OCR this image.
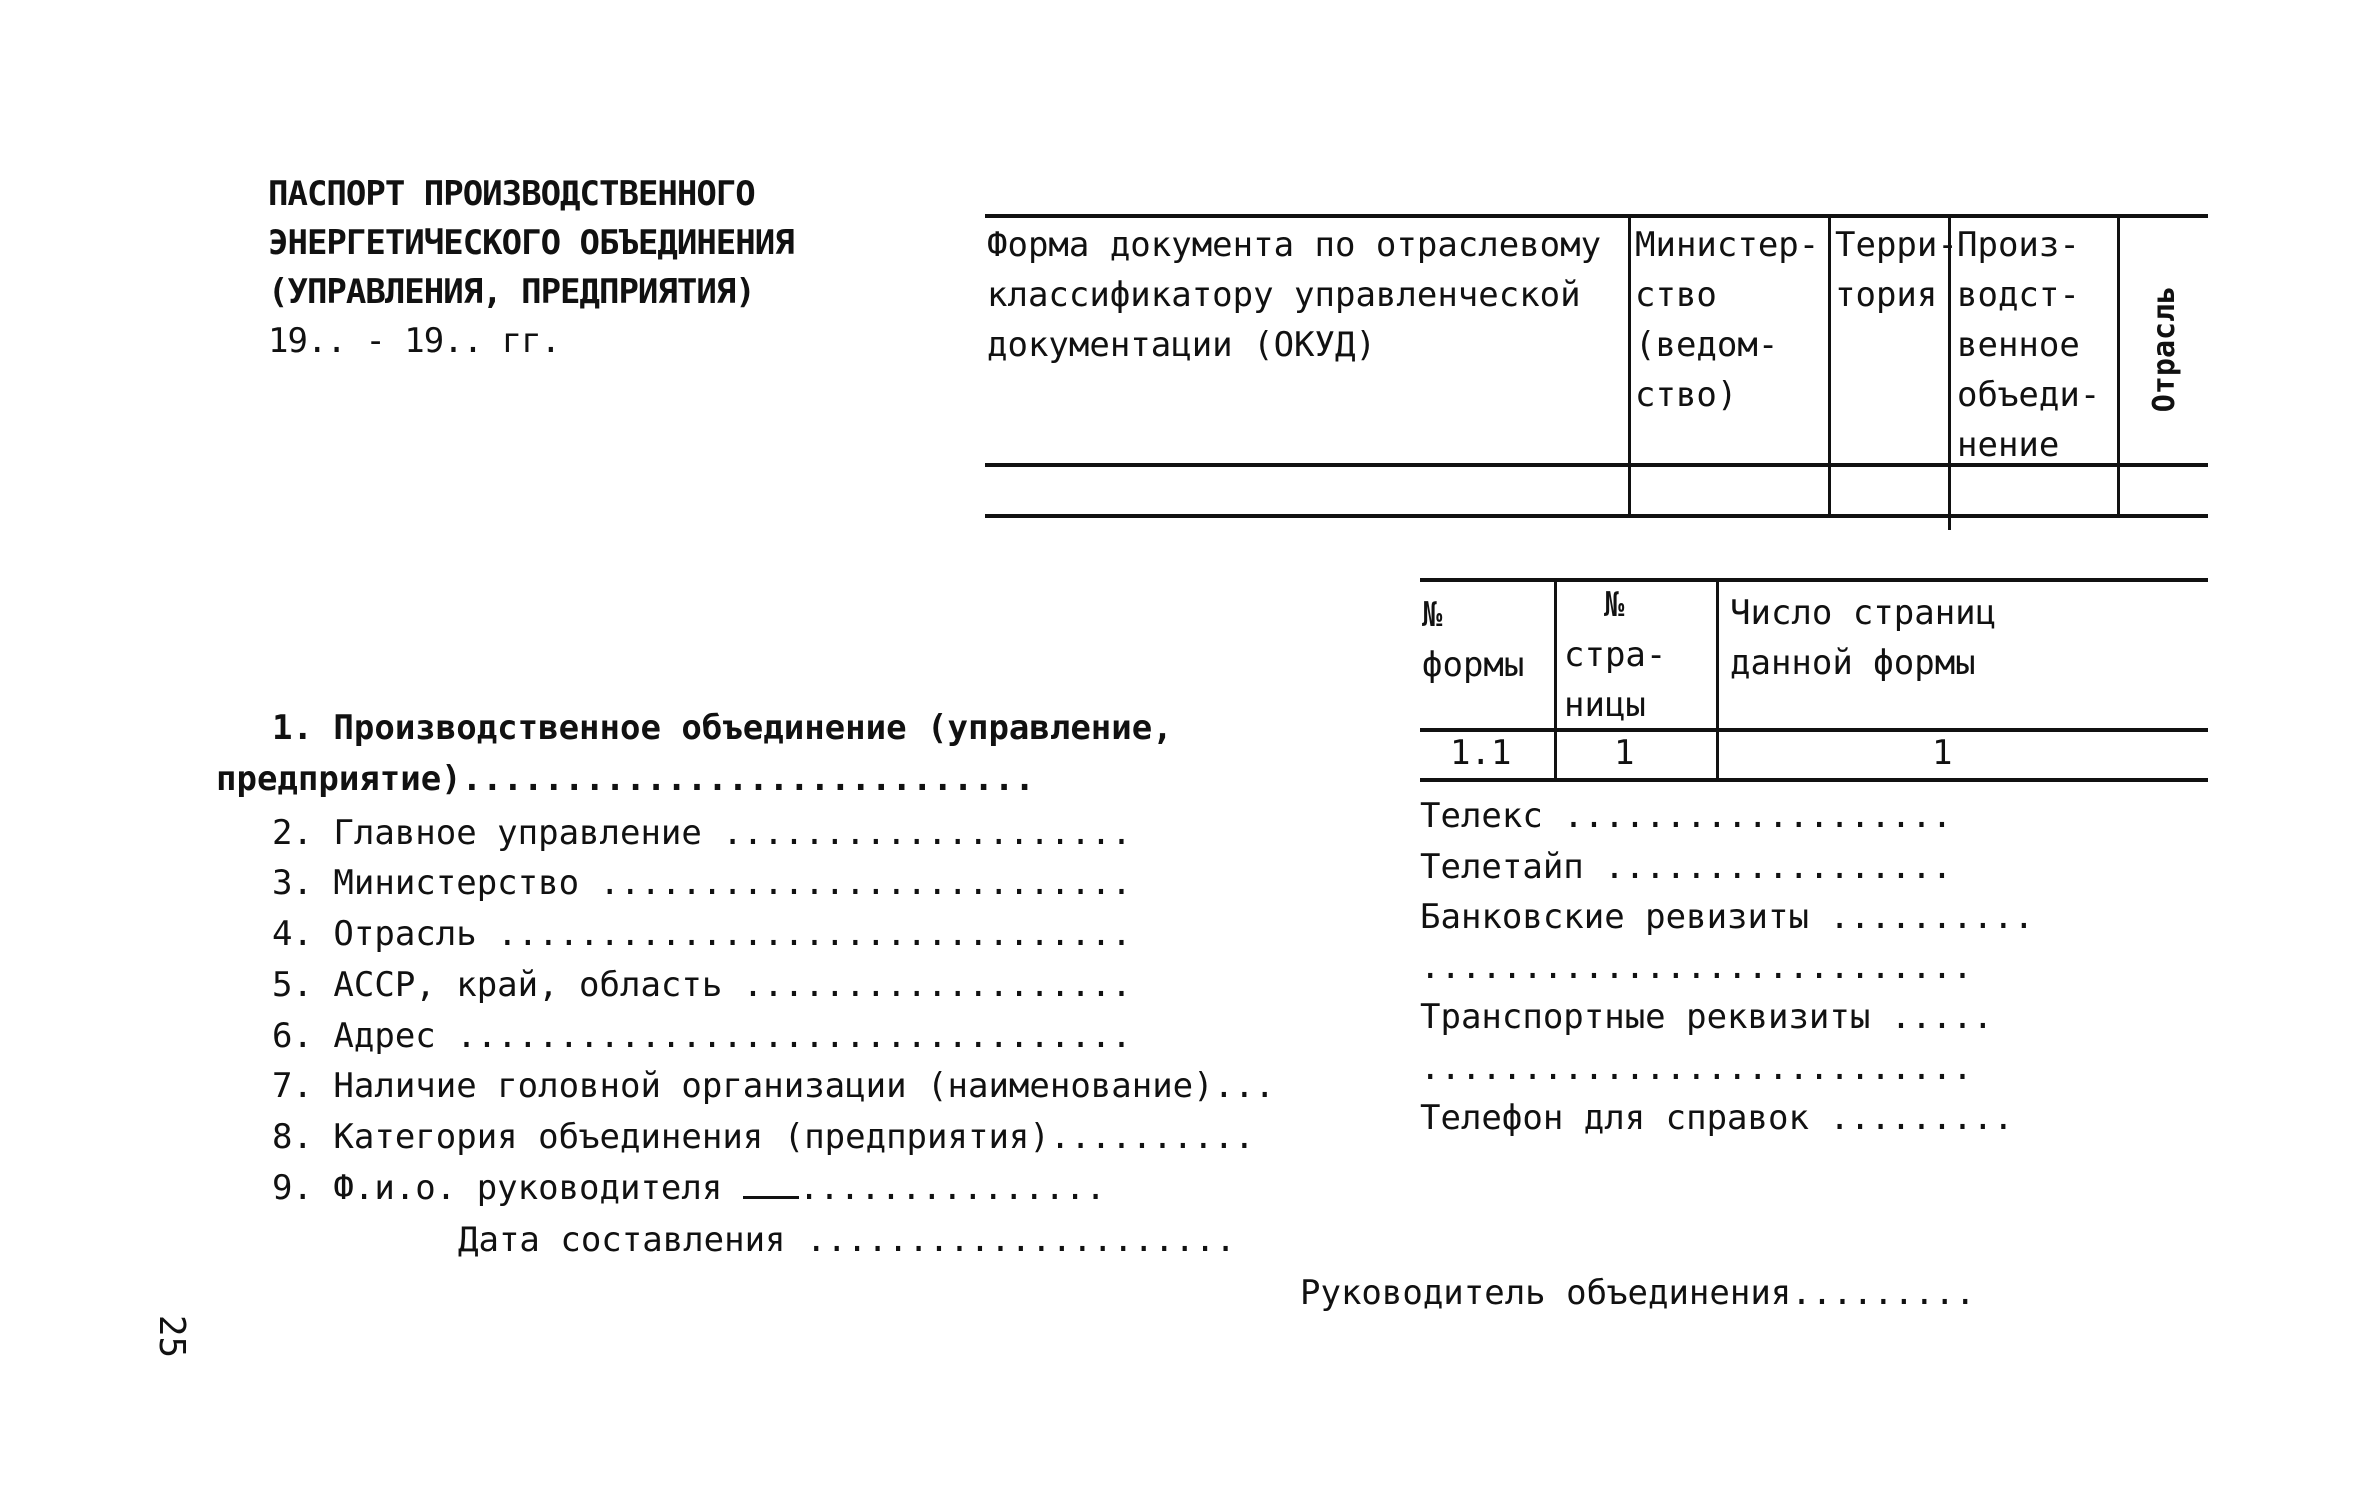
ПАСПОРТ ПРОИЗВОДСТВЕННОГО
ЭНЕРГЕТИЧЕСКОГО ОБЪЕДИНЕНИЯ
(УПРАВЛЕНИЯ, ПРЕДПРИЯТИЯ)
19.. - 19.. гг.
Форма документа по отраслевому
классификатору управленческой
документации (ОКУД)
Министер-
ство
(ведом-
ство)
Терри-
тория
Произ-
водст-
венное
объеди-
нение
Отрасль
№
формы
№
стра-
ницы
Число страниц
данной формы
1.1	1	1
1. Производственное объединение (управление,
предприятие)............................
2. Главное управление ....................
3. Министерство ..........................
4. Отрасль ...............................
5. АССР, край, область ...................
6. Адрес .................................
7. Наличие головной организации (наименование)...
8. Категория объединения (предприятия)..........
9. Ф.и.о. руководителя ...............
Дата составления .....................
Телекс ...................
Телетайп .................
Банковские ревизиты ..........
...........................
Транспортные реквизиты .....
...........................
Телефон для справок .........
Руководитель объединения.........
25
